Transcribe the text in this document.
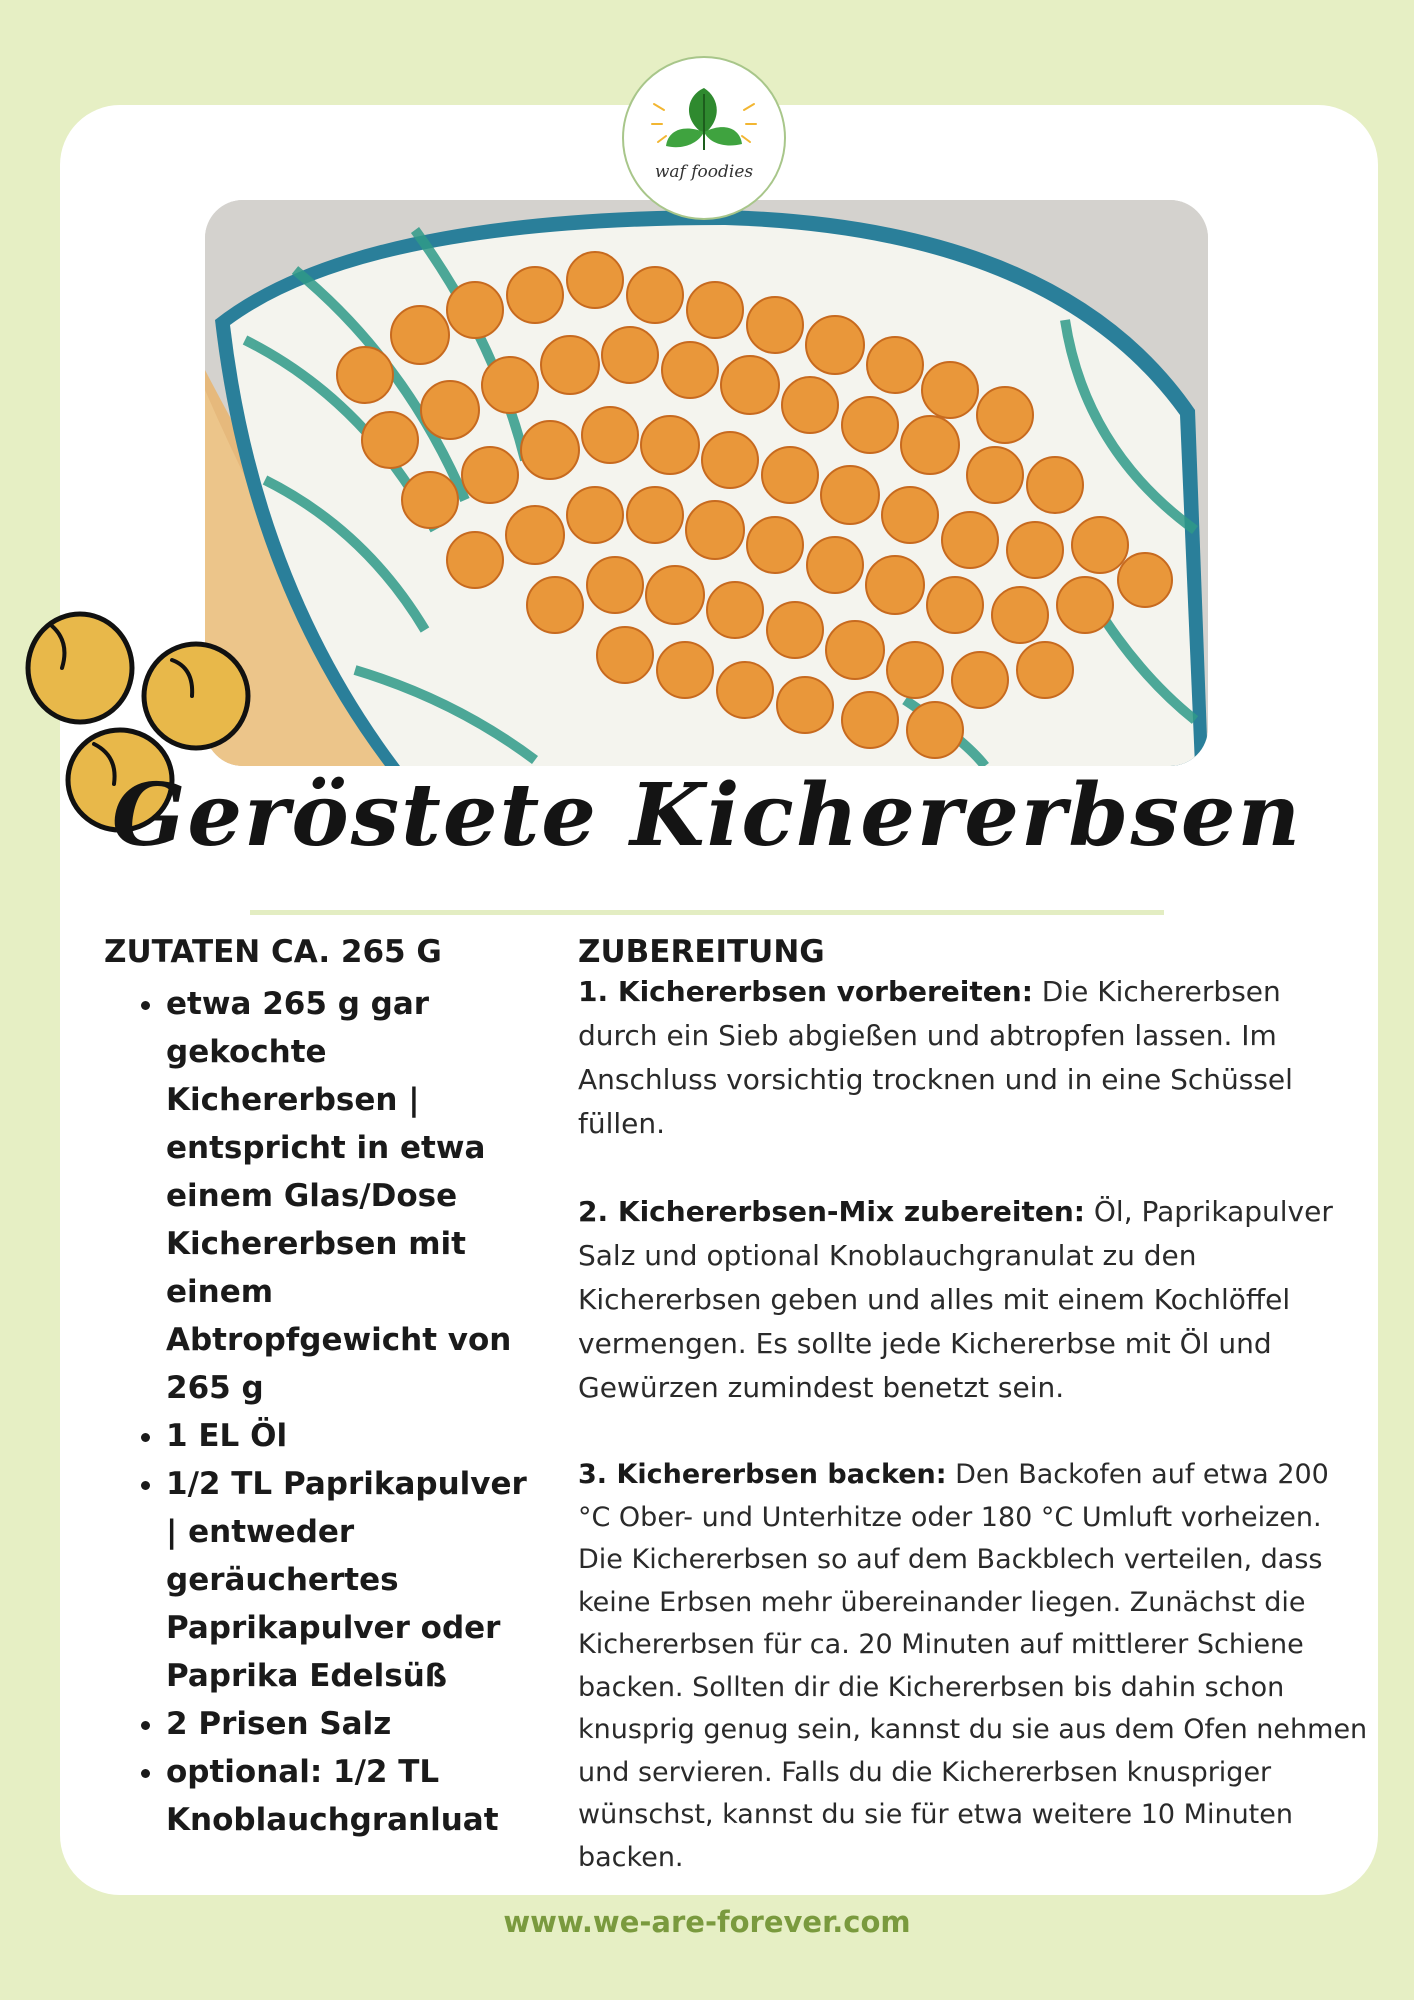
waf foodies
Geröstete Kichererbsen
ZUTATEN CA. 265 G
• etwa 265 g gar gekochte Kichererbsen | entspricht in etwa einem Glas/Dose Kichererbsen mit einem Abtropfgewicht von 265 g
• 1 EL Öl
• 1/2 TL Paprikapulver | entweder geräuchertes Paprikapulver oder Paprika Edelsüß
• 2 Prisen Salz
• optional: 1/2 TL Knoblauchgranluat
ZUBEREITUNG

1. Kichererbsen vorbereiten: Die Kichererbsen durch ein Sieb abgießen und abtropfen lassen. Im Anschluss vorsichtig trocknen und in eine Schüssel füllen.

2. Kichererbsen-Mix zubereiten: Öl, Paprikapulver Salz und optional Knoblauchgranulat zu den Kichererbsen geben und alles mit einem Kochlöffel vermengen. Es sollte jede Kichererbse mit Öl und Gewürzen zumindest benetzt sein.

3. Kichererbsen backen: Den Backofen auf etwa 200 °C Ober- und Unterhitze oder 180 °C Umluft vorheizen. Die Kichererbsen so auf dem Backblech verteilen, dass keine Erbsen mehr übereinander liegen. Zunächst die Kichererbsen für ca. 20 Minuten auf mittlerer Schiene backen. Sollten dir die Kichererbsen bis dahin schon knusprig genug sein, kannst du sie aus dem Ofen nehmen und servieren. Falls du die Kichererbsen knuspriger wünschst, kannst du sie für etwa weitere 10 Minuten backen.

www.we-are-forever.com
